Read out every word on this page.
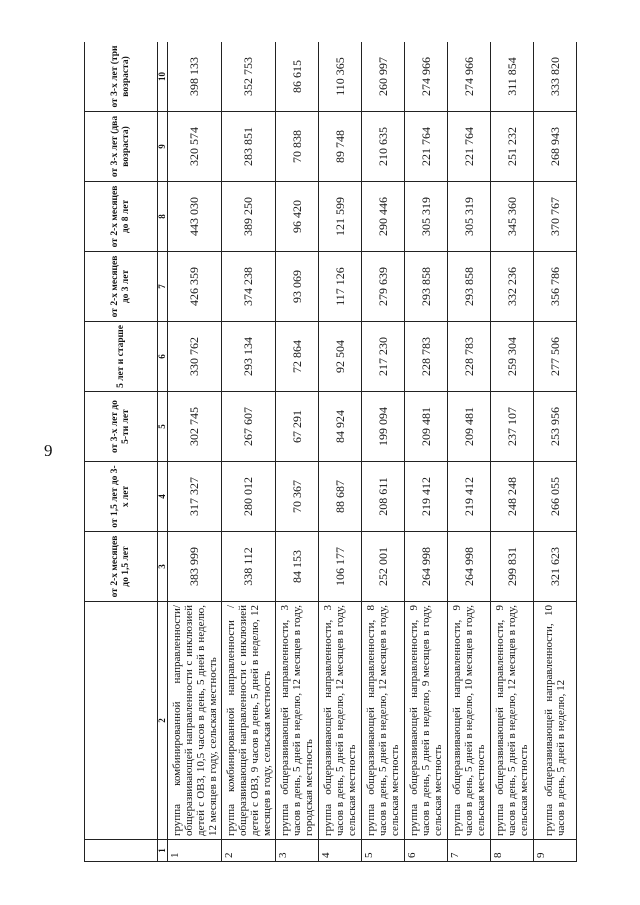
9
		от 2-х месяцев до 1,5 лет	от 1,5 лет до 3-х лет	от 3-х лет до 5-ти лет	5 лет и старше	от 2-х месяцев до 3 лет	от 2-х месяцев до 8 лет	от 3-х лет (два возраста)	от 3-х лет (три возраста)
1	2	3	4	5	6	7	8	9	10
1	группа комбинированной направленности/ общеразвивающей направленности с инклюзией детей с ОВЗ, 10,5 часов в день, 5 дней в неделю, 12 месяцев в году, сельская местность	383 999	317 327	302 745	330 762	426 359	443 030	320 574	398 133
2	группа комбинированной направленности / общеразвивающей направленности с инклюзией детей с ОВЗ, 9 часов в день, 5 дней в неделю, 12 месяцев в году, сельская местность	338 112	280 012	267 607	293 134	374 238	389 250	283 851	352 753
3	группа общеразвивающей направленности, 3 часов в день, 5 дней в неделю, 12 месяцев в году, городская местность	84 153	70 367	67 291	72 864	93 069	96 420	70 838	86 615
4	группа общеразвивающей направленности, 3 часов в день, 5 дней в неделю, 12 месяцев в году, сельская местность	106 177	88 687	84 924	92 504	117 126	121 599	89 748	110 365
5	группа общеразвивающей направленности, 8 часов в день, 5 дней в неделю, 12 месяцев в году, сельская местность	252 001	208 611	199 094	217 230	279 639	290 446	210 635	260 997
6	группа общеразвивающей направленности, 9 часов в день, 5 дней в неделю, 9 месяцев в году, сельская местность	264 998	219 412	209 481	228 783	293 858	305 319	221 764	274 966
7	группа общеразвивающей направленности, 9 часов в день, 5 дней в неделю, 10 месяцев в году, сельская местность	264 998	219 412	209 481	228 783	293 858	305 319	221 764	274 966
8	группа общеразвивающей направленности, 9 часов в день, 5 дней в неделю, 12 месяцев в году, сельская местность	299 831	248 248	237 107	259 304	332 236	345 360	251 232	311 854
9	группа общеразвивающей направленности, 10 часов в день, 5 дней в неделю, 12	321 623	266 055	253 956	277 506	356 786	370 767	268 943	333 820
